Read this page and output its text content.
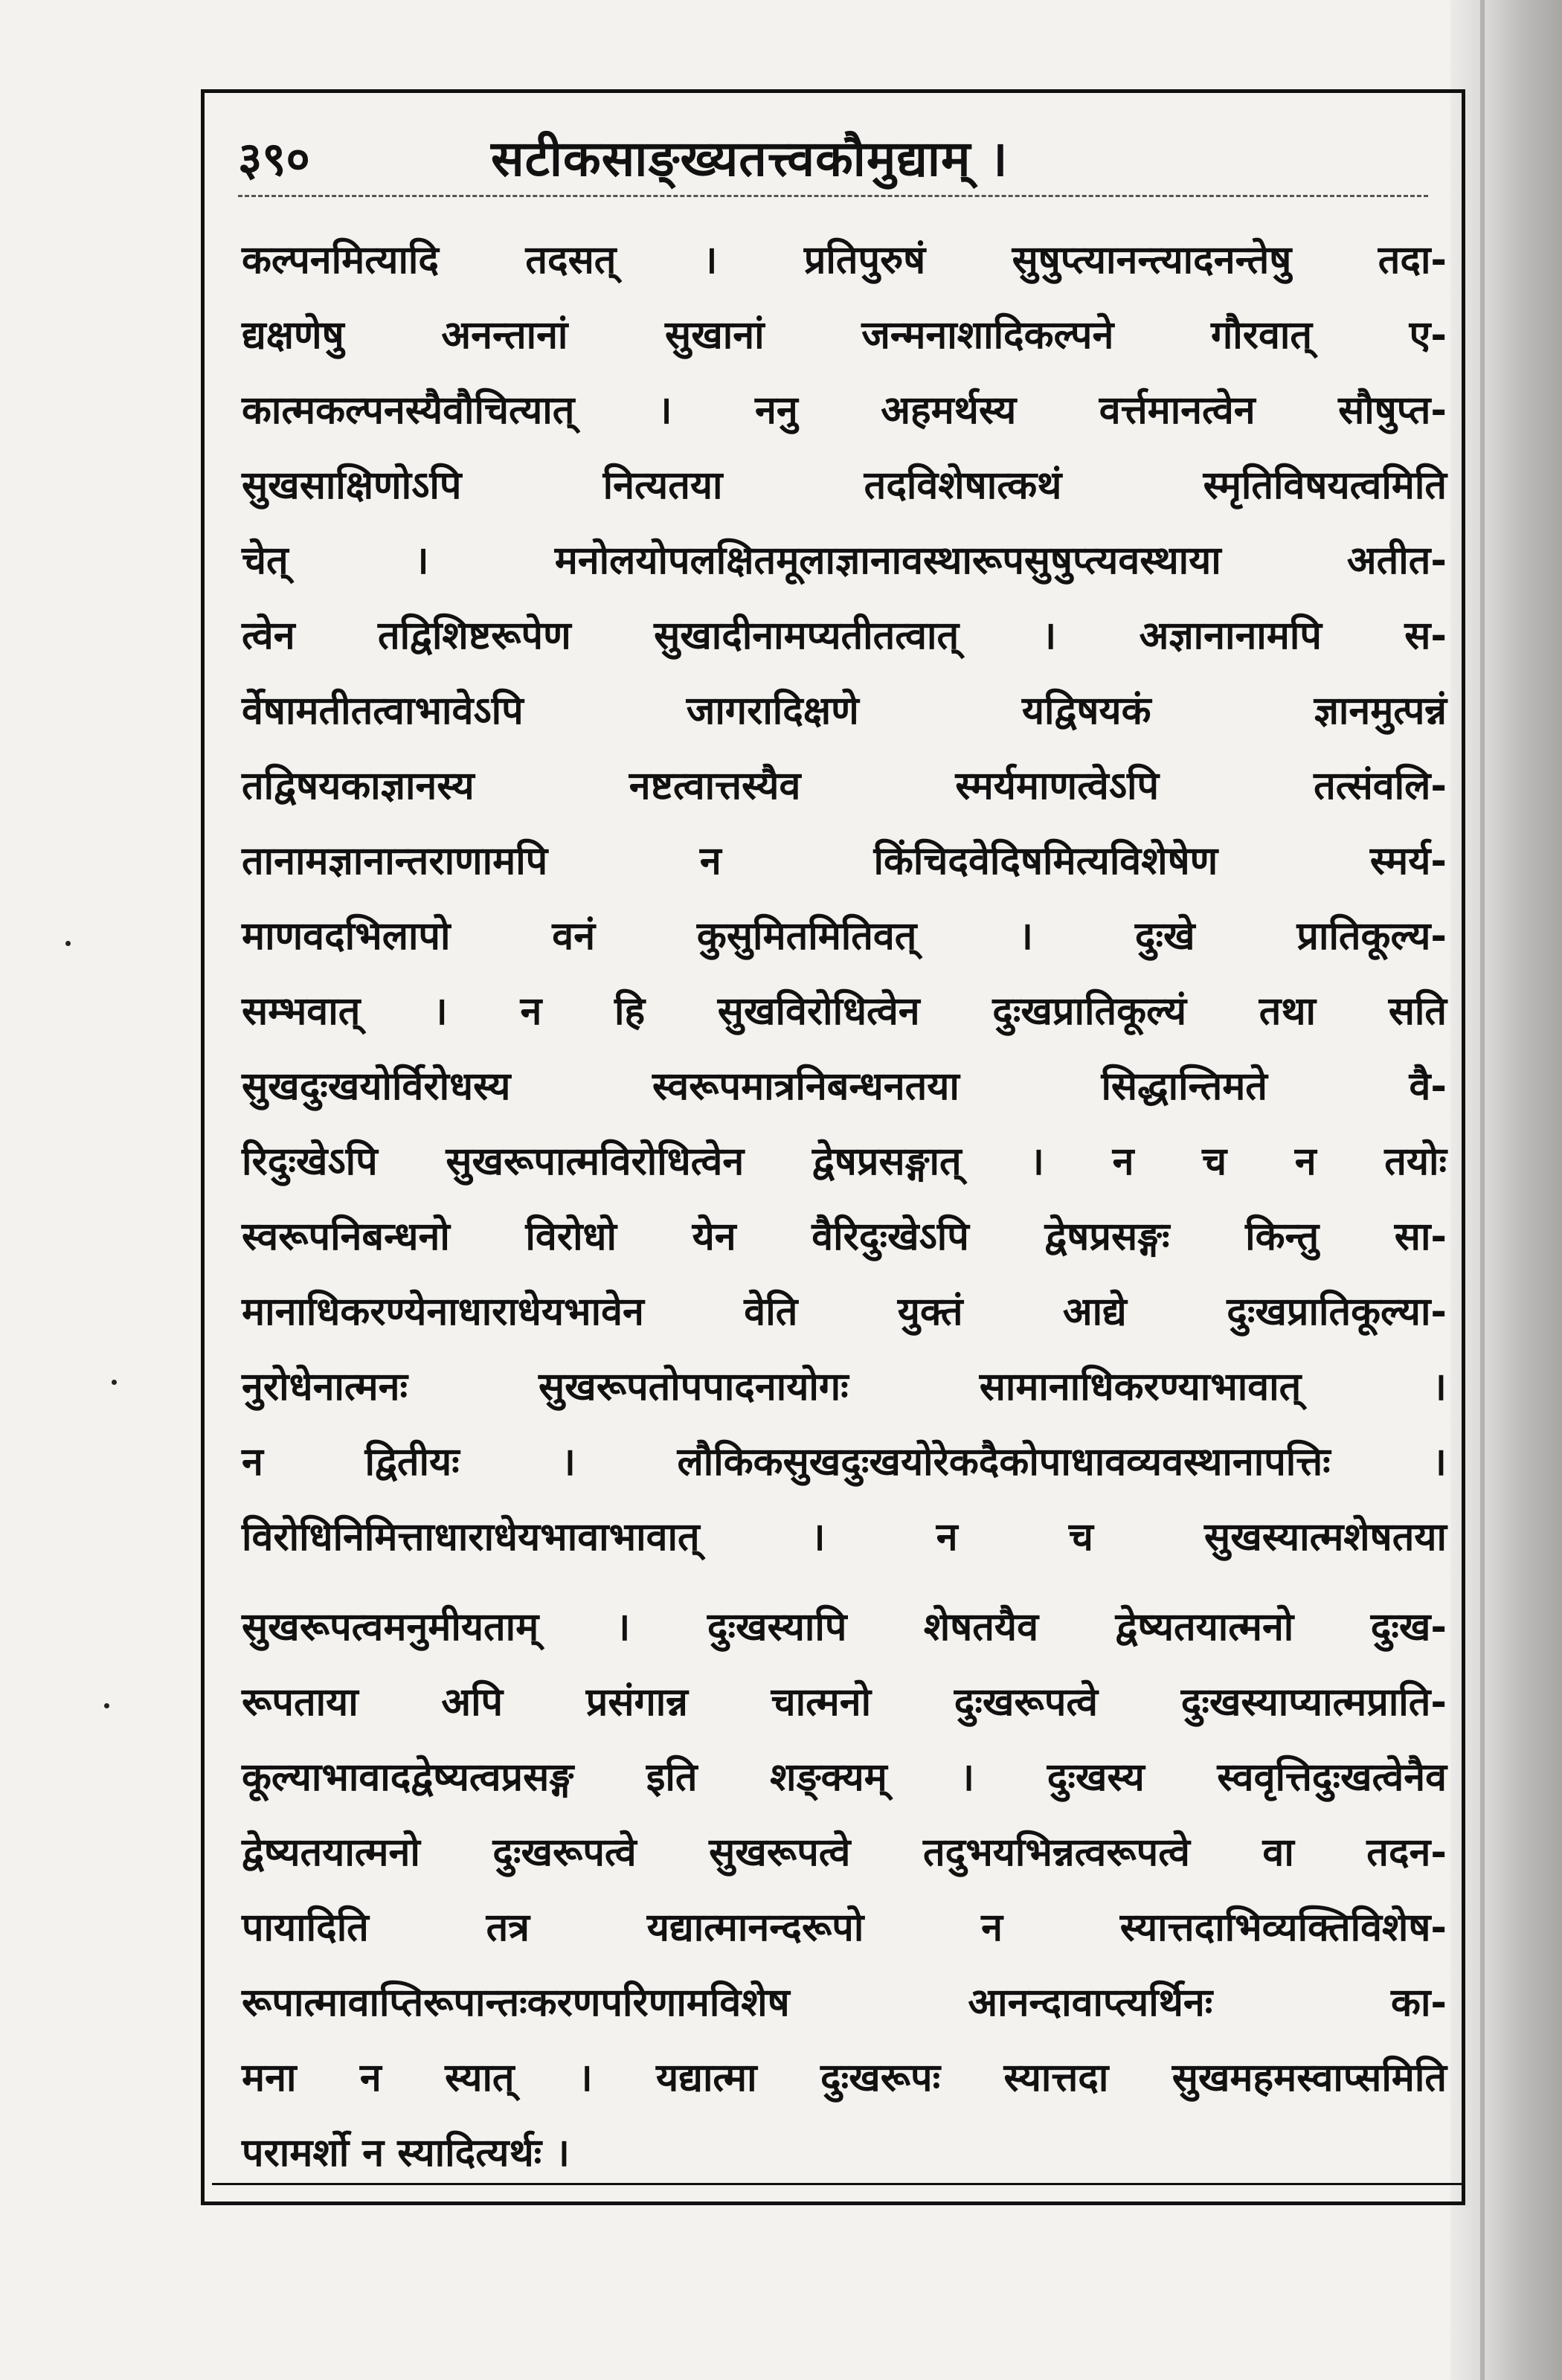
३९०	सटीकसाङ्ख्यतत्त्वकौमुद्याम् ।
कल्पनमित्यादि तदसत् । प्रतिपुरुषं सुषुप्त्यानन्त्यादनन्तेषु तदा-
द्यक्षणेषु अनन्तानां सुखानां जन्मनाशादिकल्पने गौरवात् ए-
कात्मकल्पनस्यैवौचित्यात् । ननु अहमर्थस्य वर्त्तमानत्वेन सौषुप्त-
सुखसाक्षिणोऽपि नित्यतया तदविशेषात्कथं स्मृतिविषयत्वमिति
चेत् । मनोलयोपलक्षितमूलाज्ञानावस्थारूपसुषुप्त्यवस्थाया अतीत-
त्वेन तद्विशिष्टरूपेण सुखादीनामप्यतीतत्वात् । अज्ञानानामपि स-
र्वेषामतीतत्वाभावेऽपि जागरादिक्षणे यद्विषयकं ज्ञानमुत्पन्नं
तद्विषयकाज्ञानस्य नष्टत्वात्तस्यैव स्मर्यमाणत्वेऽपि तत्संवलि-
तानामज्ञानान्तराणामपि न किंचिदवेदिषमित्यविशेषेण स्मर्य-
माणवदभिलापो वनं कुसुमितमितिवत् । दुःखे प्रातिकूल्य-
सम्भवात् । न हि सुखविरोधित्वेन दुःखप्रातिकूल्यं तथा सति
सुखदुःखयोर्विरोधस्य स्वरूपमात्रनिबन्धनतया सिद्धान्तिमते वै-
रिदुःखेऽपि सुखरूपात्मविरोधित्वेन द्वेषप्रसङ्गात् । न च न तयोः
स्वरूपनिबन्धनो विरोधो येन वैरिदुःखेऽपि द्वेषप्रसङ्गः किन्तु सा-
मानाधिकरण्येनाधाराधेयभावेन वेति युक्तं आद्ये दुःखप्रातिकूल्या-
नुरोधेनात्मनः सुखरूपतोपपादनायोगः सामानाधिकरण्याभावात् ।
न द्वितीयः । लौकिकसुखदुःखयोरेकदैकोपाधावव्यवस्थानापत्तिः ।
विरोधिनिमित्ताधाराधेयभावाभावात् । न च सुखस्यात्मशेषतया
सुखरूपत्वमनुमीयताम् । दुःखस्यापि शेषतयैव द्वेष्यतयात्मनो दुःख-
रूपताया अपि प्रसंगान्न चात्मनो दुःखरूपत्वे दुःखस्याप्यात्मप्राति-
कूल्याभावादद्वेष्यत्वप्रसङ्ग इति शङ्क्यम् । दुःखस्य स्ववृत्तिदुःखत्वेनैव
द्वेष्यतयात्मनो दुःखरूपत्वे सुखरूपत्वे तदुभयभिन्नत्वरूपत्वे वा तदन-
पायादिति तत्र यद्यात्मानन्दरूपो न स्यात्तदाभिव्यक्तिविशेष-
रूपात्मावाप्तिरूपान्तःकरणपरिणामविशेष आनन्दावाप्त्यर्थिनः का-
मना न स्यात् । यद्यात्मा दुःखरूपः स्यात्तदा सुखमहमस्वाप्समिति
परामर्शो न स्यादित्यर्थः ।
